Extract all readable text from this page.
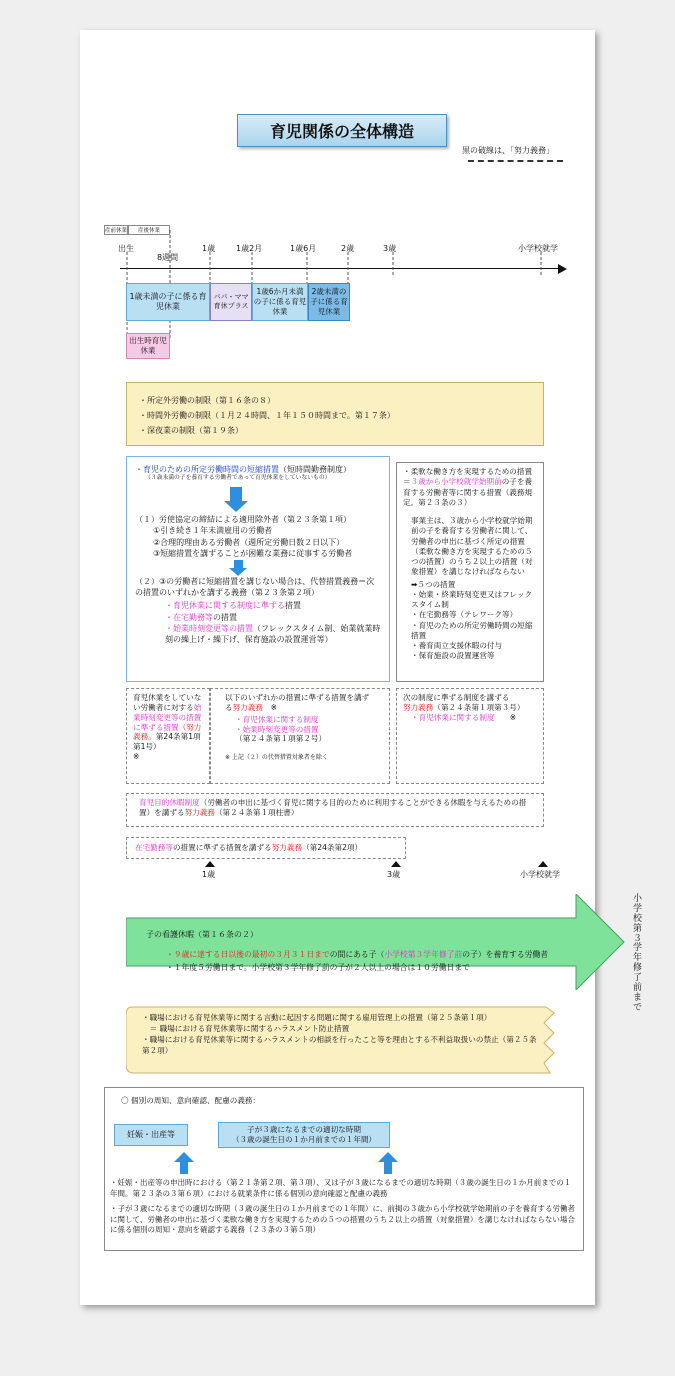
育児関係の全体構造
黒の破線は、「努力義務」
産前休業	産後休業
出生
8週間
1歳	1歳2月	1歳6月	2歳	3歳	小学校就学
1歳未満の子に係る育児休業
パパ・ママ育休プラス
1歳6か月未満の子に係る育児休業
2歳未満の子に係る育児休業
出生時育児休業
・所定外労働の制限（第１６条の８）
・時間外労働の制限（１月２４時間、１年１５０時間まで。第１７条）
・深夜業の制限（第１９条）
・育児のための所定労働時間の短縮措置（短時間勤務制度）
（３歳未満の子を養育する労働者であって育児休業をしていないもの）
（１）労使協定の締結による適用除外者（第２３条第１項）
①引き続き１年未満雇用の労働者
②合理的理由ある労働者（週所定労働日数２日以下）
③短縮措置を講ずることが困難な業務に従事する労働者
（２）③の労働者に短縮措置を講じない場合は、代替措置義務＝次の措置のいずれかを講ずる義務（第２３条第２項）
・育児休業に関する制度に準ずる措置
・在宅勤務等の措置
・始業時刻変更等の措置（フレックスタイム制、始業就業時刻の繰上げ・繰下げ、保育施設の設置運営等）
・柔軟な働き方を実現するための措置＝３歳から小学校就学始期前の子を養育する労働者等に関する措置（義務規定。第２３条の３）
事業主は、３歳から小学校就学始期前の子を養育する労働者に関して、労働者の申出に基づく所定の措置（柔軟な働き方を実現するための５つの措置）のうち２以上の措置（対象措置）を講じなければならない
➡５つの措置
・始業・終業時刻変更又はフレックスタイム制
・在宅勤務等（テレワーク等）
・育児のための所定労働時間の短縮措置
・養育両立支援休暇の付与
・保育施設の設置運営等
育児休業をしていない労働者に対する始業時刻変更等の措置に準ずる措置（努力義務。第24条第1項第1号）
※
以下のいずれかの措置に準ずる措置を講ずる努力義務　 ※
・育児休業に関する制度
・始業時刻変更等の措置
（第２４条第１項第２号）
※ 上記（２）の代替措置対象者を除く
次の制度に準ずる制度を講ずる
努力義務（第２４条第１項第３号）
・育児休業に関する制度　　 ※
育児目的休暇制度（労働者の申出に基づく育児に関する目的のために利用することができる休暇を与えるための措置）を講ずる努力義務（第２４条第１項柱書）
在宅勤務等の措置に準ずる措置を講ずる努力義務（第24条第2項）
1歳	3歳	小学校就学
子の看護休暇（第１６条の２）
・９歳に達する日以後の最初の３月３１日までの間にある子（小学校第３学年修了前の子）を養育する労働者
・１年度５労働日まで。小学校第３学年修了前の子が２人以上の場合は１０労働日まで
小学校第３学年修了前まで
・職場における育児休業等に関する言動に起因する問題に関する雇用管理上の措置（第２５条第１項）
　＝ 職場における育児休業等に関するハラスメント防止措置
・職場における育児休業等に関するハラスメントの相談を行ったこと等を理由とする不利益取扱いの禁止（第２５条第２項）
〇 個別の周知、意向確認、配慮の義務：
妊娠・出産等
子が３歳になるまでの適切な時期
（３歳の誕生日の１か月前までの１年間）
・妊娠・出産等の申出時における（第２１条第２項、第３項）、又は子が３歳になるまでの適切な時期（３歳の誕生日の１か月前までの１年間。第２３条の３第６項）における就業条件に係る個別の意向確認と配慮の義務
・子が３歳になるまでの適切な時期（３歳の誕生日の１か月前までの１年間）に、前掲の３歳から小学校就学始期前の子を養育する労働者に関して、労働者の申出に基づく柔軟な働き方を実現するための５つの措置のうち２以上の措置（対象措置）を講じなければならない場合に係る個別の周知・意向を確認する義務（２３条の３第５項）
